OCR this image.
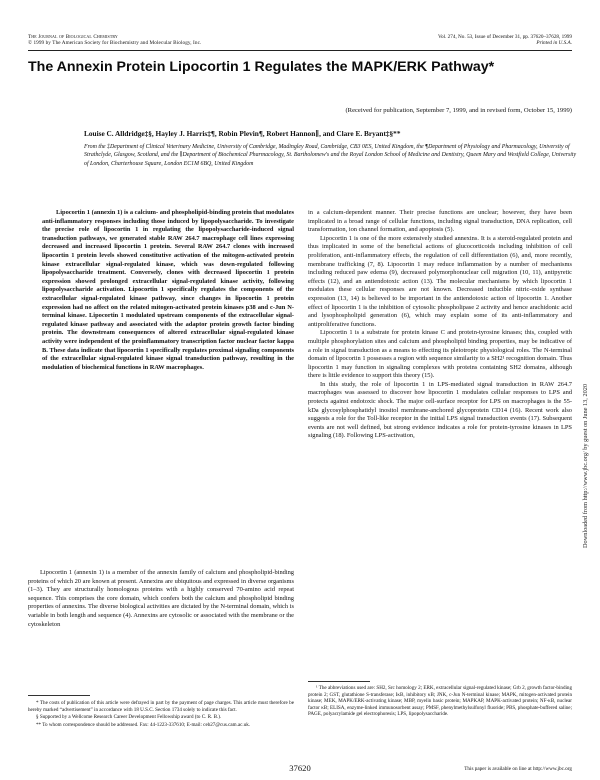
The Journal of Biological Chemistry
© 1999 by The American Society for Biochemistry and Molecular Biology, Inc.
Vol. 274, No. 53, Issue of December 31, pp. 37620–37628, 1999
Printed in U.S.A.
The Annexin Protein Lipocortin 1 Regulates the MAPK/ERK Pathway*
(Received for publication, September 7, 1999, and in revised form, October 15, 1999)
Louise C. Alldridge‡§, Hayley J. Harris‡¶, Robin Plevin¶, Robert Hannon∥, and Clare E. Bryant‡§**
From the ‡Department of Clinical Veterinary Medicine, University of Cambridge, Madingley Road, Cambridge, CB3 0ES, United Kingdom, the ¶Department of Physiology and Pharmacology, University of Strathclyde, Glasgow, Scotland, and the ∥Department of Biochemical Pharmacology, St. Bartholomew's and the Royal London School of Medicine and Dentistry, Queen Mary and Westfield College, University of London, Charterhouse Square, London EC1M 6BQ, United Kingdom

Lipocortin 1 (annexin 1) is a calcium- and phospholipid-binding protein that modulates anti-inflammatory responses including those induced by lipopolysaccharide. To investigate the precise role of lipocortin 1 in regulating the lipopolysaccharide-induced signal transduction pathways, we generated stable RAW 264.7 macrophage cell lines expressing decreased and increased lipocortin 1 protein. Several RAW 264.7 clones with increased lipocortin 1 protein levels showed constitutive activation of the mitogen-activated protein kinase extracellular signal-regulated kinase, which was down-regulated following lipopolysaccharide treatment. Conversely, clones with decreased lipocortin 1 protein expression showed prolonged extracellular signal-regulated kinase activity, following lipopolysaccharide activation. Lipocortin 1 specifically regulates the components of the extracellular signal-regulated kinase pathway, since changes in lipocortin 1 protein expression had no affect on the related mitogen-activated protein kinases p38 and c-Jun N-terminal kinase. Lipocortin 1 modulated upstream components of the extracellular signal-regulated kinase pathway and associated with the adaptor protein growth factor binding protein. The downstream consequences of altered extracellular signal-regulated kinase activity were independent of the proinflammatory transcription factor nuclear factor kappa B. These data indicate that lipocortin 1 specifically regulates proximal signaling components of the extracellular signal-regulated kinase signal transduction pathway, resulting in the modulation of biochemical functions in RAW macrophages.

Lipocortin 1 (annexin 1) is a member of the annexin family of calcium and phospholipid-binding proteins of which 20 are known at present. Annexins are ubiquitous and expressed in diverse organisms (1–3). They are structurally homologous proteins with a highly conserved 70-amino acid repeat sequence. This comprises the core domain, which confers both the calcium and phospholipid binding properties of annexins. The diverse biological activities are dictated by the N-terminal domain, which is variable in both length and sequence (4). Annexins are cytosolic or associated with the membrane or the cytoskeleton

in a calcium-dependent manner. Their precise functions are unclear; however, they have been implicated in a broad range of cellular functions, including signal transduction, DNA replication, cell transformation, ion channel formation, and apoptosis (5).

Lipocortin 1 is one of the more extensively studied annexins. It is a steroid-regulated protein and thus implicated in some of the beneficial actions of glucocorticoids including inhibition of cell proliferation, anti-inflammatory effects, the regulation of cell differentiation (6), and, more recently, membrane trafficking (7, 8). Lipocortin 1 may reduce inflammation by a number of mechanisms including reduced paw edema (9), decreased polymorphonuclear cell migration (10, 11), antipyretic effects (12), and an antiendotoxic action (13). The molecular mechanisms by which lipocortin 1 modulates these cellular responses are not known. Decreased inducible nitric-oxide synthase expression (13, 14) is believed to be important in the antiendotoxic action of lipocortin 1. Another effect of lipocortin 1 is the inhibition of cytosolic phospholipase 2 activity and hence arachidonic acid and lysophospholipid generation (6), which may explain some of its anti-inflammatory and antiproliferative functions.

Lipocortin 1 is a substrate for protein kinase C and protein-tyrosine kinases; this, coupled with multiple phosphorylation sites and calcium and phospholipid binding properties, may be indicative of a role in signal transduction as a means to effecting its pleiotropic physiological roles. The N-terminal domain of lipocortin 1 possesses a region with sequence similarity to a SH2¹ recognition domain. Thus lipocortin 1 may function in signaling complexes with proteins containing SH2 domains, although there is little evidence to support this theory (15).

In this study, the role of lipocortin 1 in LPS-mediated signal transduction in RAW 264.7 macrophages was assessed to discover how lipocortin 1 modulates cellular responses to LPS and protects against endotoxic shock. The major cell-surface receptor for LPS on macrophages is the 55-kDa glycosylphosphatidyl inositol membrane-anchored glycoprotein CD14 (16). Recent work also suggests a role for the Toll-like receptor in the initial LPS signal transduction events (17). Subsequent events are not well defined, but strong evidence indicates a role for protein-tyrosine kinases in LPS signaling (18). Following LPS-activation,

* The costs of publication of this article were defrayed in part by the payment of page charges. This article must therefore be hereby marked “advertisement” in accordance with 18 U.S.C. Section 1734 solely to indicate this fact.

§ Supported by a Wellcome Research Career Development Fellowship award (to C. R. B.).

** To whom correspondence should be addressed. Fax: 44-1223-337610; E-mail: ceb27@cus.cam.ac.uk.

¹ The abbreviations used are: SH2, Src homology 2; ERK, extracellular signal-regulated kinase; Grb 2, growth factor-binding protein 2; GST, glutathione S-transferase; IκB, inhibitory κB; JNK, c-Jun N-terminal kinase; MAPK, mitogen-activated protein kinase; MEK, MAPK/ERK-activating kinase; MBP, myelin basic protein; MAPKAP, MAPK-activated protein; NF-κB, nuclear factor κB; ELISA, enzyme-linked immunosorbent assay; PMSF, phenylmethylsulfonyl fluoride; PBS, phosphate-buffered saline; PAGE, polyacrylamide gel electrophoresis; LPS, lipopolysaccharide.

37620	This paper is available on line at http://www.jbc.org
Downloaded from http://www.jbc.org/ by guest on June 13, 2020
